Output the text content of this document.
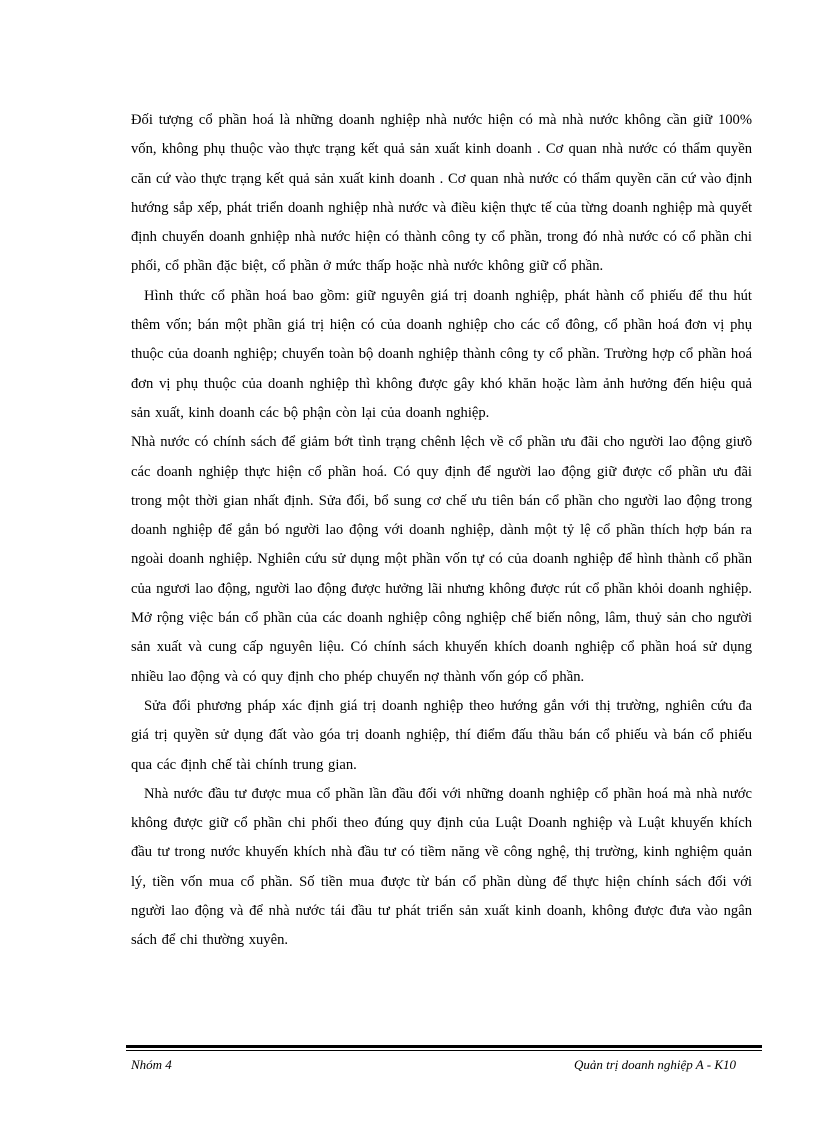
Đối tượng cổ phần hoá là những doanh nghiệp nhà nước hiện có mà nhà nước không cần giữ 100% vốn, không phụ thuộc vào thực trạng kết quả sản xuất kinh doanh . Cơ quan nhà nước có thẩm quyền căn cứ vào thực trạng kết quả sản xuất kinh doanh . Cơ quan nhà nước có thẩm quyền căn cứ vào định hướng sắp xếp, phát triển doanh nghiệp nhà nước và điều kiện thực tế của từng doanh nghiệp mà quyết định chuyển doanh gnhiệp nhà nước hiện có thành công ty cổ phần, trong đó nhà nước có cổ phần chi phối, cổ phần đặc biệt, cổ phần ở mức thấp hoặc nhà nước không giữ cổ phần.

Hình thức cổ phần hoá bao gồm: giữ nguyên giá trị doanh nghiệp, phát hành cổ phiếu để thu hút thêm vốn; bán một phần giá trị hiện có của doanh nghiệp cho các cổ đông, cổ phần hoá đơn vị phụ thuộc của doanh nghiệp; chuyển toàn bộ doanh nghiệp thành công ty cổ phần. Trường hợp cổ phần hoá đơn vị phụ thuộc của doanh nghiệp thì không được gây khó khăn hoặc làm ảnh hưởng đến hiệu quả sản xuất, kinh doanh các bộ phận còn lại của doanh nghiệp.

Nhà nước có chính sách để giảm bớt tình trạng chênh lệch về cổ phần ưu đãi cho người lao động giưõ các doanh nghiệp thực hiện cổ phần hoá. Có quy định để người lao động giữ được cổ phần ưu đãi trong một thời gian nhất định. Sửa đổi, bổ sung cơ chế ưu tiên bán cổ phần cho người lao động trong doanh nghiệp để gắn bó người lao động với doanh nghiệp, dành một tỷ lệ cổ phần thích hợp bán ra ngoài doanh nghiệp. Nghiên cứu sử dụng một phần vốn tự có của doanh nghiệp để hình thành cổ phần của ngươi lao động, người lao động được hưởng lãi nhưng không được rút cổ phần khỏi doanh nghiệp. Mở rộng việc bán cổ phần của các doanh nghiệp công nghiệp chế biến nông, lâm, thuỷ sản cho người sản xuất và cung cấp nguyên liệu. Có chính sách khuyến khích doanh nghiệp cổ phần hoá sử dụng nhiều lao động và có quy định cho phép chuyển nợ thành vốn góp cổ phần.

Sửa đổi phương pháp xác định giá trị doanh nghiệp theo hướng gắn với thị trường, nghiên cứu đa giá trị quyền sử dụng đất vào góa trị doanh nghiệp, thí điểm đấu thầu bán cổ phiếu và bán cổ phiếu qua các định chế tài chính trung gian.

Nhà nước đầu tư được mua cổ phần lần đầu đối với những doanh nghiệp cổ phần hoá mà nhà nước không được giữ cổ phần chi phối theo đúng quy định của Luật Doanh nghiệp và Luật khuyến khích đầu tư trong nước khuyến khích nhà đầu tư có tiềm năng về công nghệ, thị trường, kinh nghiệm quản lý, tiền vốn mua cổ phần. Số tiền mua được từ bán cổ phần dùng để thực hiện chính sách đối với người lao động và để nhà nước tái đầu tư phát triển sản xuất kinh doanh, không được đưa vào ngân sách để chi thường xuyên.

Nhóm 4	Quản trị doanh nghiệp A - K10
